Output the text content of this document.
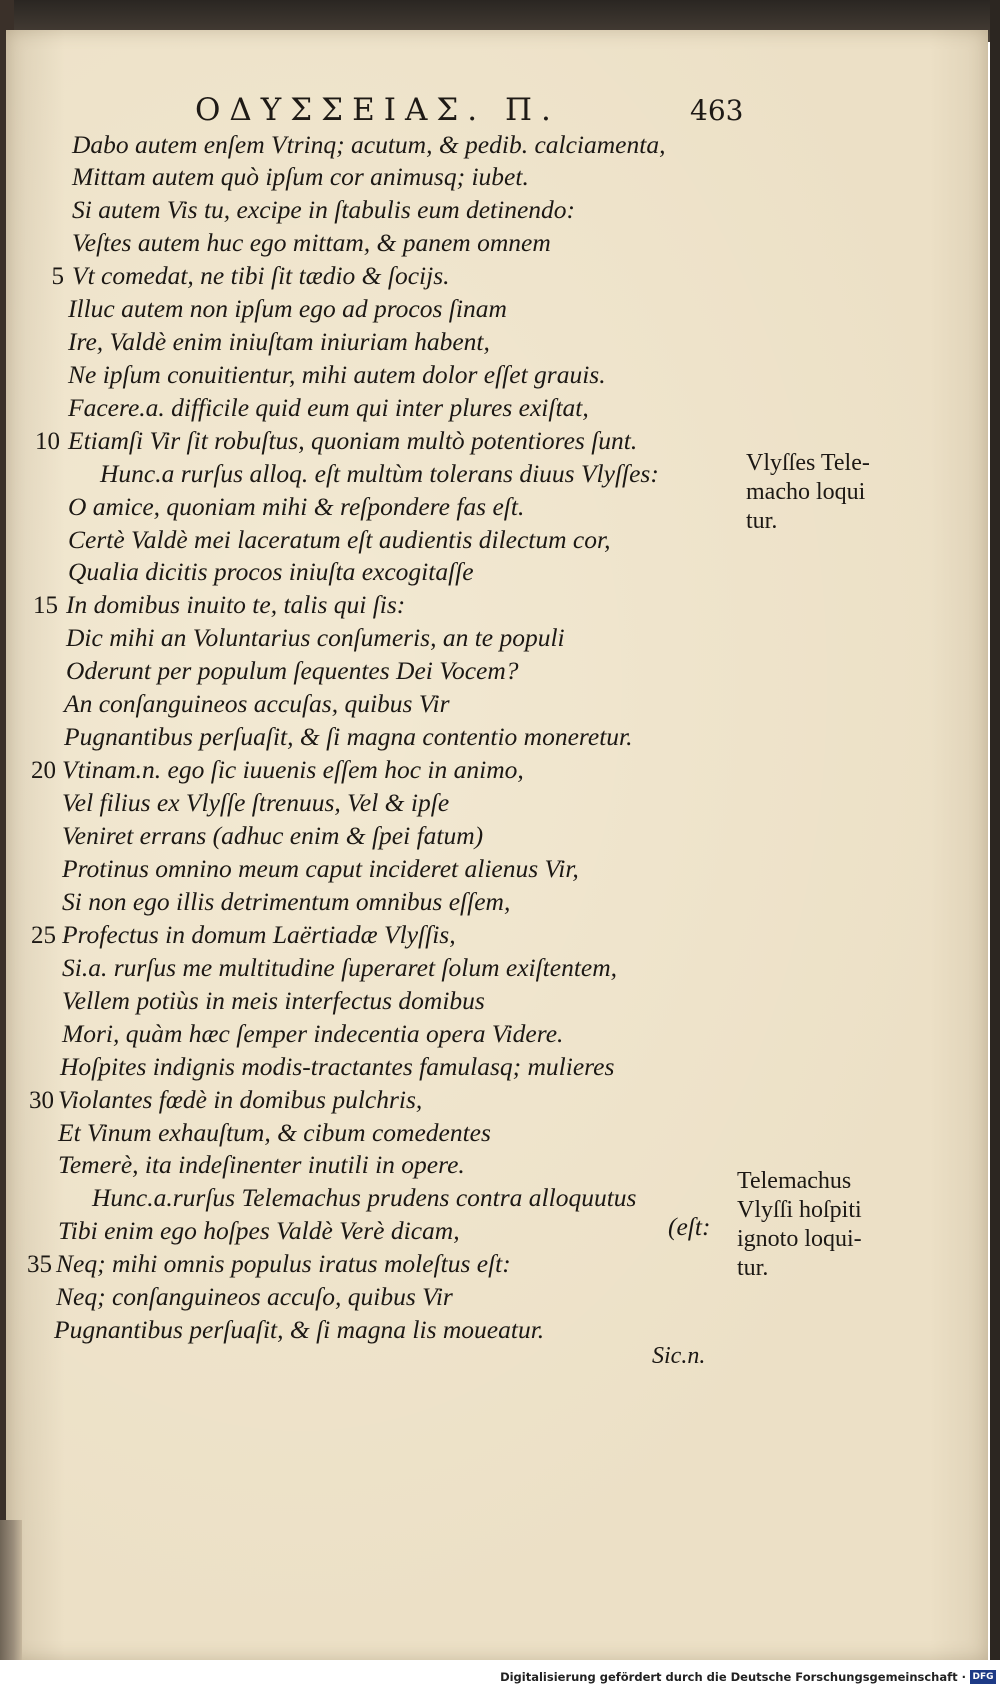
ΟΔΥΣΣΕΙΑΣ. Π.	463
Dabo autem enſem Vtrinq; acutum, & pedib. calciamenta,
Mittam autem quò ipſum cor animusq; iubet.
Si autem Vis tu, excipe in ſtabulis eum detinendo:
Veſtes autem huc ego mittam, & panem omnem
Vt comedat, ne tibi ſit tædio & ſocijs.
Illuc autem non ipſum ego ad procos ſinam
Ire, Valdè enim iniuſtam iniuriam habent,
Ne ipſum conuitientur, mihi autem dolor eſſet grauis.
Facere.a. difficile quid eum qui inter plures exiſtat,
Etiamſi Vir ſit robuſtus, quoniam multò potentiores ſunt.
Hunc.a rurſus alloq. eſt multùm tolerans diuus Vlyſſes:
O amice, quoniam mihi & reſpondere fas eſt.
Certè Valdè mei laceratum eſt audientis dilectum cor,
Qualia dicitis procos iniuſta excogitaſſe
In domibus inuito te, talis qui ſis:
Dic mihi an Voluntarius conſumeris, an te populi
Oderunt per populum ſequentes Dei Vocem?
An conſanguineos accuſas, quibus Vir
Pugnantibus perſuaſit, & ſi magna contentio moneretur.
Vtinam.n. ego ſic iuuenis eſſem hoc in animo,
Vel filius ex Vlyſſe ſtrenuus, Vel & ipſe
Veniret errans (adhuc enim & ſpei fatum)
Protinus omnino meum caput incideret alienus Vir,
Si non ego illis detrimentum omnibus eſſem,
Profectus in domum Laërtiadæ Vlyſſis,
Si.a. rurſus me multitudine ſuperaret ſolum exiſtentem,
Vellem potiùs in meis interfectus domibus
Mori, quàm hæc ſemper indecentia opera Videre.
Hoſpites indignis modis-tractantes famulasq; mulieres
Violantes fœdè in domibus pulchris,
Et Vinum exhauſtum, & cibum comedentes
Temerè, ita indeſinenter inutili in opere.
Hunc.a.rurſus Telemachus prudens contra alloquutus
Tibi enim ego hoſpes Valdè Verè dicam,
Neq; mihi omnis populus iratus moleſtus eſt:
Neq; conſanguineos accuſo, quibus Vir
Pugnantibus perſuaſit, & ſi magna lis moueatur.
(eſt:
5
10
15
20
25
30
35
Vlyſſes Tele-
macho loqui
tur.
Telemachus
Vlyſſi hoſpiti
ignoto loqui-
tur.
Sic.n.
Digitalisierung gefördert durch die Deutsche Forschungsgemeinschaft · DFG
